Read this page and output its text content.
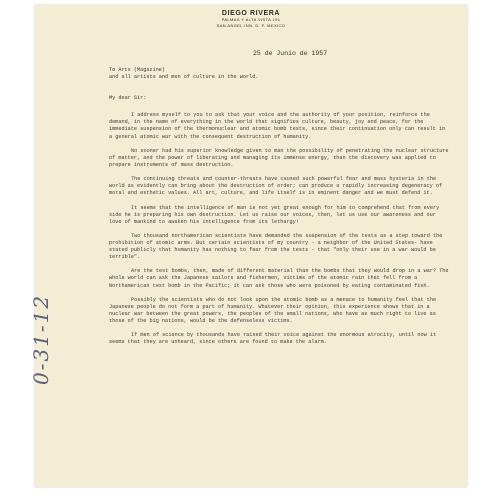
DIEGO RIVERA
PALMAS Y ALTA VISTA 191
SAN ANGEL INN, D. F. MEXICO
25 de Junio de 1957
To Arts (Magazine)
and all artists and men of culture in the world.
My dear Sir:

I address myself to you to ask that your voice and the authority of your position, reinforce the demand, in the name of everything in the world that signifies culture, beauty, joy and peace, for the immediate suspension of the thermonuclear and atomic bomb tests, since their continuation only can result in a general atomic war with the consequent destruction of humanity.

No sooner had his superior knowledge given to man the possibility of penetrating the nuclear structure of matter, and the power of liberating and managing its immense energy, than the discovery was applied to prepare instruments of mass destruction.

The continuing threats and counter-threats have caused such powerful fear and mass hysteria in the world as evidently can bring about the destruction of order; can produce a rapidly increasing degeneracy of moral and esthetic values. All art, culture, and life itself is in eminent danger and we must defend it.

It seems that the intelligence of man is not yet great enough for him to comprehend that from every side he is preparing his own destruction. Let us raise our voices, then, let us use our awareness and our love of mankind to awaken his intelligence from its lethargy!

Two thousand northamerican scientists have demanded the suspension of the tests as a step toward the prohibition of atomic arms. But certain scientists of my country - a neighbor of the United States- have stated publicly that humanity has nothing to fear from the tests - that "only their use in a war would be terrible".

Are the test bombs, then, made of different material than the bombs that they would drop in a war? The whole world can ask the Japanese sailors and fishermen, victims of the atomic rain that fell from a Northamerican test bomb in the Pacific; it can ask those who were poisoned by eating contaminated fish.

Possibly the scientists who do not look upon the atomic bomb as a menace to humanity feel that the Japanese people do not form a part of humanity. Whatever their opinion, this experience shows that in a nuclear war between the great powers, the peoples of the small nations, who have as much right to live as those of the big nations, would be the defenseless victims.

If men of science by thousands have raised their voice against the enormous atrocity, until now it seems that they are unheard, since others are found to make the alarm.

0-31-12
